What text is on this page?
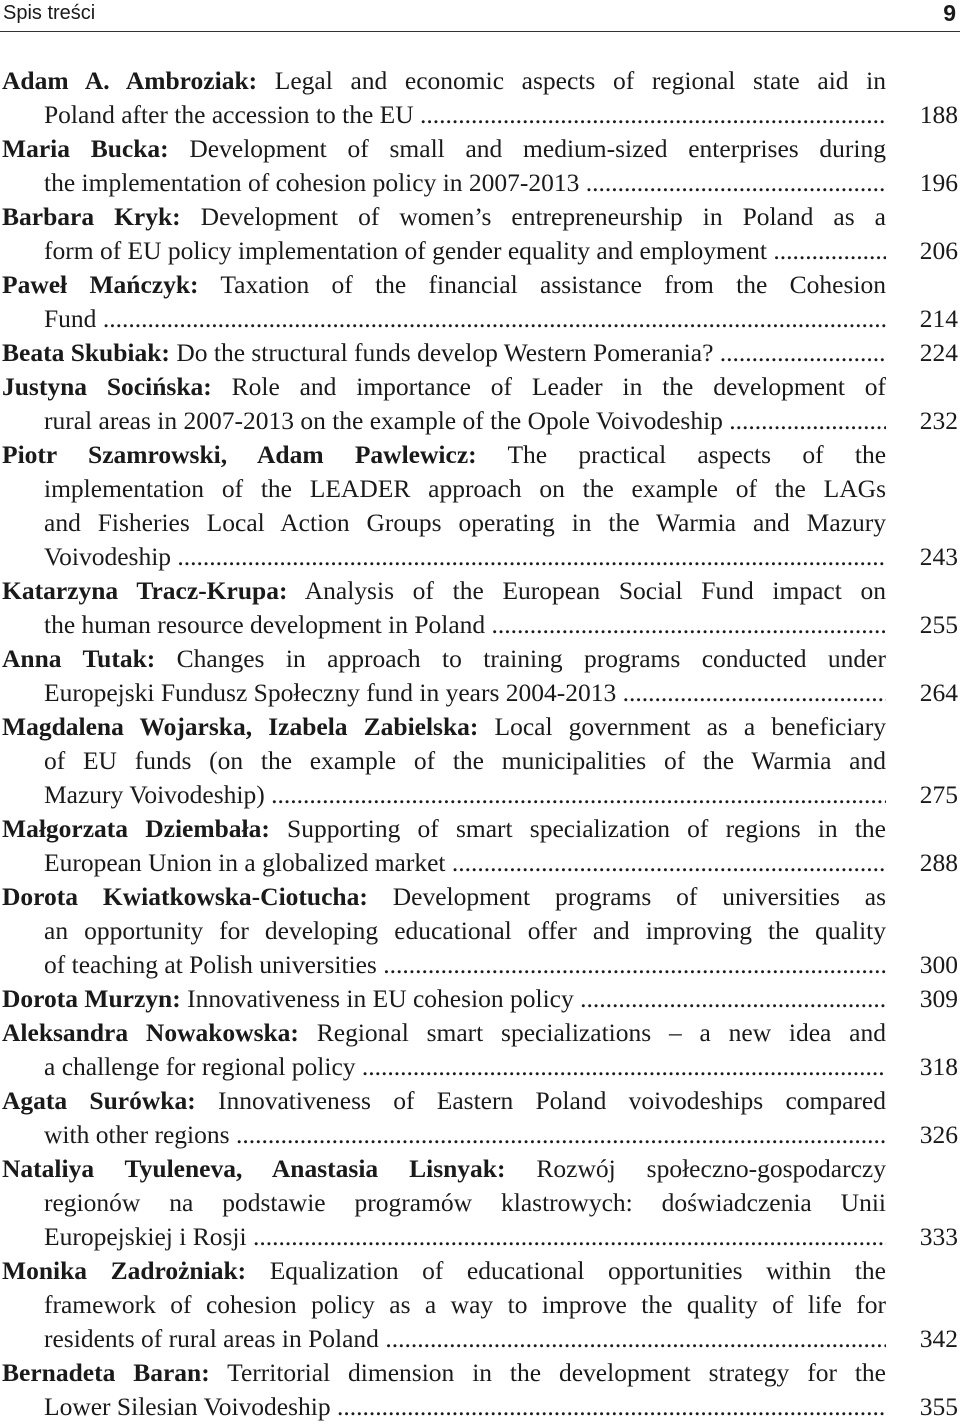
Spis treści	9
Adam A. Ambroziak: Legal and economic aspects of regional state aid in
Poland after the accession to the EU .....	188
Maria Bucka: Development of small and medium-sized enterprises during
the implementation of cohesion policy in 2007-2013 .....	196
Barbara Kryk: Development of women’s entrepreneurship in Poland as a
form of EU policy implementation of gender equality and employment .....	206
Paweł Mańczyk: Taxation of the financial assistance from the Cohesion
Fund .....	214
Beata Skubiak: Do the structural funds develop Western Pomerania? .....	224
Justyna Socińska: Role and importance of Leader in the development of
rural areas in 2007-2013 on the example of the Opole Voivodeship .....	232
Piotr Szamrowski, Adam Pawlewicz: The practical aspects of the
implementation of the LEADER approach on the example of the LAGs
and Fisheries Local Action Groups operating in the Warmia and Mazury
Voivodeship .....	243
Katarzyna Tracz-Krupa: Analysis of the European Social Fund impact on
the human resource development in Poland .....	255
Anna Tutak: Changes in approach to training programs conducted under
Europejski Fundusz Społeczny fund in years 2004-2013 .....	264
Magdalena Wojarska, Izabela Zabielska: Local government as a beneficiary
of EU funds (on the example of the municipalities of the Warmia and
Mazury Voivodeship) .....	275
Małgorzata Dziembała: Supporting of smart specialization of regions in the
European Union in a globalized market .....	288
Dorota Kwiatkowska-Ciotucha: Development programs of universities as
an opportunity for developing educational offer and improving the quality
of teaching at Polish universities .....	300
Dorota Murzyn: Innovativeness in EU cohesion policy .....	309
Aleksandra Nowakowska: Regional smart specializations – a new idea and
a challenge for regional policy .....	318
Agata Surówka: Innovativeness of Eastern Poland voivodeships compared
with other regions .....	326
Nataliya Tyuleneva, Anastasia Lisnyak: Rozwój społeczno-gospodarczy
regionów na podstawie programów klastrowych: doświadczenia Unii
Europejskiej i Rosji .....	333
Monika Zadrożniak: Equalization of educational opportunities within the
framework of cohesion policy as a way to improve the quality of life for
residents of rural areas in Poland .....	342
Bernadeta Baran: Territorial dimension in the development strategy for the
Lower Silesian Voivodeship .....	355
